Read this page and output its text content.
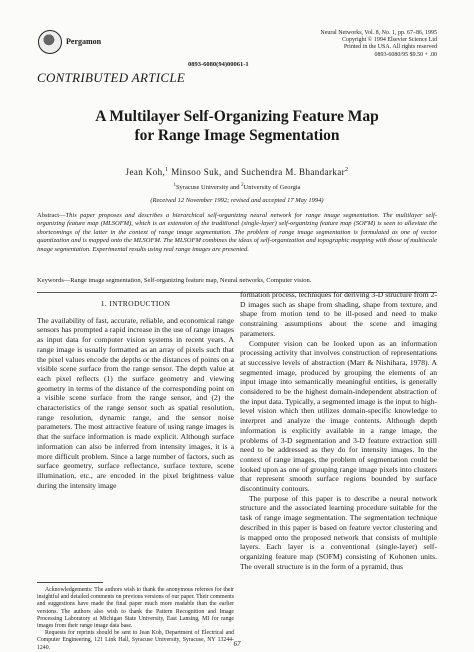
Pergamon
Neural Networks, Vol. 8, No. 1, pp. 67–86, 1995
Copyright © 1994 Elsevier Science Ltd
Printed in the USA. All rights reserved
0893-6080/95 $9.50 + .00
0893-6080(94)00061-1
CONTRIBUTED ARTICLE
A Multilayer Self-Organizing Feature Map
for Range Image Segmentation
Jean Koh,$^1$ Minsoo Suk, and Suchendra M. Bhandarkar$^2$
$^1$Syracuse University and $^2$University of Georgia
(Received 12 November 1992; revised and accepted 17 May 1994)
Abstract—This paper proposes and describes a hierarchical self-organizing neural network for range image segmentation. The multilayer self-organizing feature map (MLSOFM), which is an extension of the traditional (single-layer) self-organizing feature map (SOFM) is seen to alleviate the shortcomings of the latter in the context of range image segmentation. The problem of range image segmentation is formulated as one of vector quantization and is mapped onto the MLSOFM. The MLSOFM combines the ideas of self-organization and topographic mapping with those of multiscale image segmentation. Experimental results using real range images are presented.
Keywords—Range image segmentation, Self-organizing feature map, Neural networks, Computer vision.

1. INTRODUCTION

The availability of fast, accurate, reliable, and economical range sensors has prompted a rapid increase in the use of range images as input data for computer vision systems in recent years. A range image is usually formatted as an array of pixels such that the pixel values encode the depths or the distances of points on a visible scene surface from the range sensor. The depth value at each pixel reflects (1) the surface geometry and viewing geometry in terms of the distance of the corresponding point on a visible scene surface from the range sensor, and (2) the characteristics of the range sensor such as spatial resolution, range resolution, dynamic range, and the sensor noise parameters. The most attractive feature of using range images is that the surface information is made explicit. Although surface information can also be inferred from intensity images, it is a more difficult problem. Since a large number of factors, such as surface geometry, surface reflectance, surface texture, scene illumination, etc., are encoded in the pixel brightness value during the intensity image

formation process, techniques for deriving 3-D structure from 2-D images such as shape from shading, shape from texture, and shape from motion tend to be ill-posed and need to make constraining assumptions about the scene and imaging parameters.

Computer vision can be looked upon as an information processing activity that involves construction of representations at successive levels of abstraction (Marr & Nishihara, 1978). A segmented image, produced by grouping the elements of an input image into semantically meaningful entities, is generally considered to be the highest domain-independent abstraction of the input data. Typically, a segmented image is the input to high-level vision which then utilizes domain-specific knowledge to interpret and analyze the image contents. Although depth information is explicitly available in a range image, the problems of 3-D segmentation and 3-D feature extraction still need to be addressed as they do for intensity images. In the context of range images, the problem of segmentation could be looked upon as one of grouping range image pixels into clusters that represent smooth surface regions bounded by surface discontinuity contours.

The purpose of this paper is to describe a neural network structure and the associated learning procedure suitable for the task of range image segmentation. The segmentation technique described in this paper is based on feature vector clustering and is mapped onto the proposed network that consists of multiple layers. Each layer is a conventional (single-layer) self-organizing feature map (SOFM) consisting of Kohonen units. The overall structure is in the form of a pyramid, thus

Acknowledgements: The authors wish to thank the anonymous referees for their insightful and detailed comments on previous versions of our paper. Their comments and suggestions have made the final paper much more readable than the earlier versions. The authors also wish to thank the Pattern Recognition and Image Processing Laboratory at Michigan State University, East Lansing, MI for range images from their range image data base.

Requests for reprints should be sent to Jean Koh, Department of Electrical and Computer Engineering, 121 Link Hall, Syracuse University, Syracuse, NY 13244-1240.	67
